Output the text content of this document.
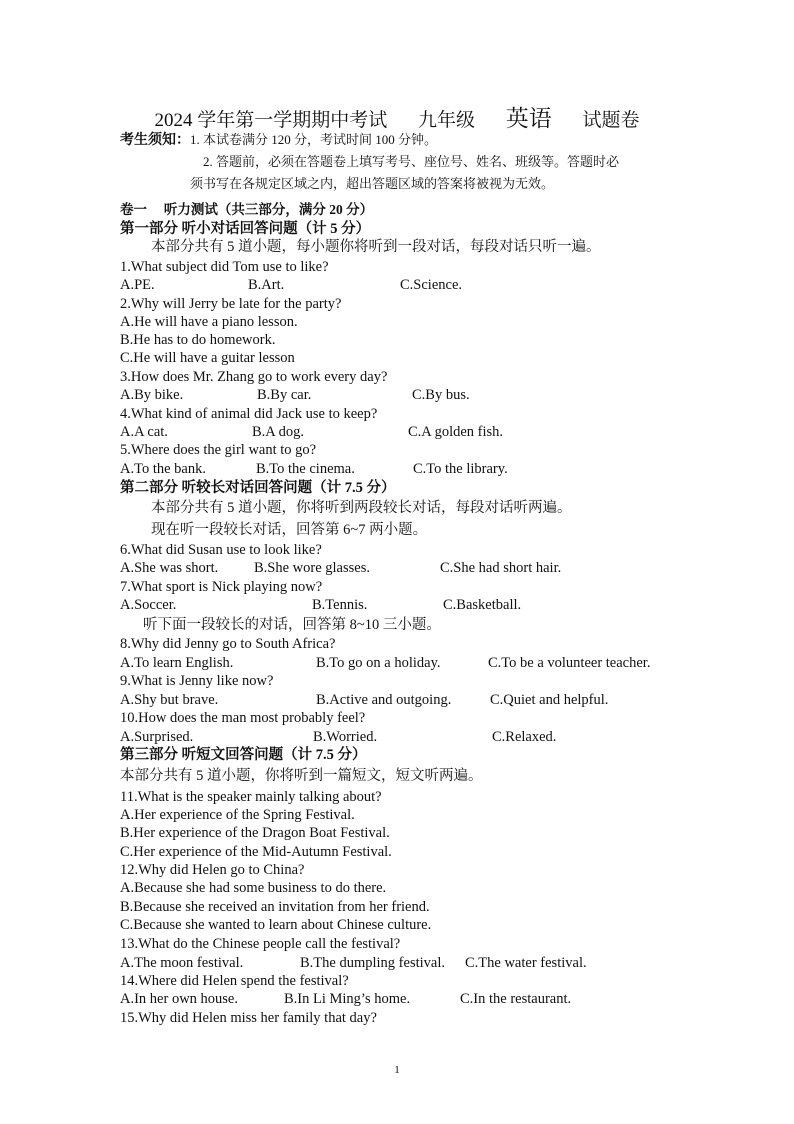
2024 学年第一学期期中考试 九年级 英语 试题卷
考生须知：1. 本试卷满分 120 分，考试时间 100 分钟。
2. 答题前，必须在答题卷上填写考号、座位号、姓名、班级等。答题时必
须书写在各规定区域之内，超出答题区域的答案将被视为无效。
卷一　 听力测试（共三部分，满分 20 分）
第一部分 听小对话回答问题（计 5 分）
本部分共有 5 道小题，每小题你将听到一段对话，每段对话只听一遍。
1.What subject did Tom use to like?
A.PE.	B.Art.	C.Science.
2.Why will Jerry be late for the party?
A.He will have a piano lesson.
B.He has to do homework.
C.He will have a guitar lesson
3.How does Mr. Zhang go to work every day?
A.By bike.	B.By car.	C.By bus.
4.What kind of animal did Jack use to keep?
A.A cat.	B.A dog.	C.A golden fish.
5.Where does the girl want to go?
A.To the bank.	B.To the cinema.	C.To the library.
第二部分 听较长对话回答问题（计 7.5 分）
本部分共有 5 道小题，你将听到两段较长对话，每段对话听两遍。
现在听一段较长对话，回答第 6~7 两小题。
6.What did Susan use to look like?
A.She was short. B.She wore glasses.	C.She had short hair.
7.What sport is Nick playing now?
A.Soccer.	B.Tennis.	C.Basketball.
听下面一段较长的对话，回答第 8~10 三小题。
8.Why did Jenny go to South Africa?
A.To learn English.	B.To go on a holiday.	C.To be a volunteer teacher.
9.What is Jenny like now?
A.Shy but brave.	B.Active and outgoing.	C.Quiet and helpful.
10.How does the man most probably feel?
A.Surprised.	B.Worried.	C.Relaxed.
第三部分 听短文回答问题（计 7.5 分）
本部分共有 5 道小题，你将听到一篇短文，短文听两遍。
11.What is the speaker mainly talking about?
A.Her experience of the Spring Festival.
B.Her experience of the Dragon Boat Festival.
C.Her experience of the Mid-Autumn Festival.
12.Why did Helen go to China?
A.Because she had some business to do there.
B.Because she received an invitation from her friend.
C.Because she wanted to learn about Chinese culture.
13.What do the Chinese people call the festival?
A.The moon festival.	B.The dumpling festival. C.The water festival.
14.Where did Helen spend the festival?
A.In her own house.	B.In Li Ming’s home.	C.In the restaurant.
15.Why did Helen miss her family that day?
1
